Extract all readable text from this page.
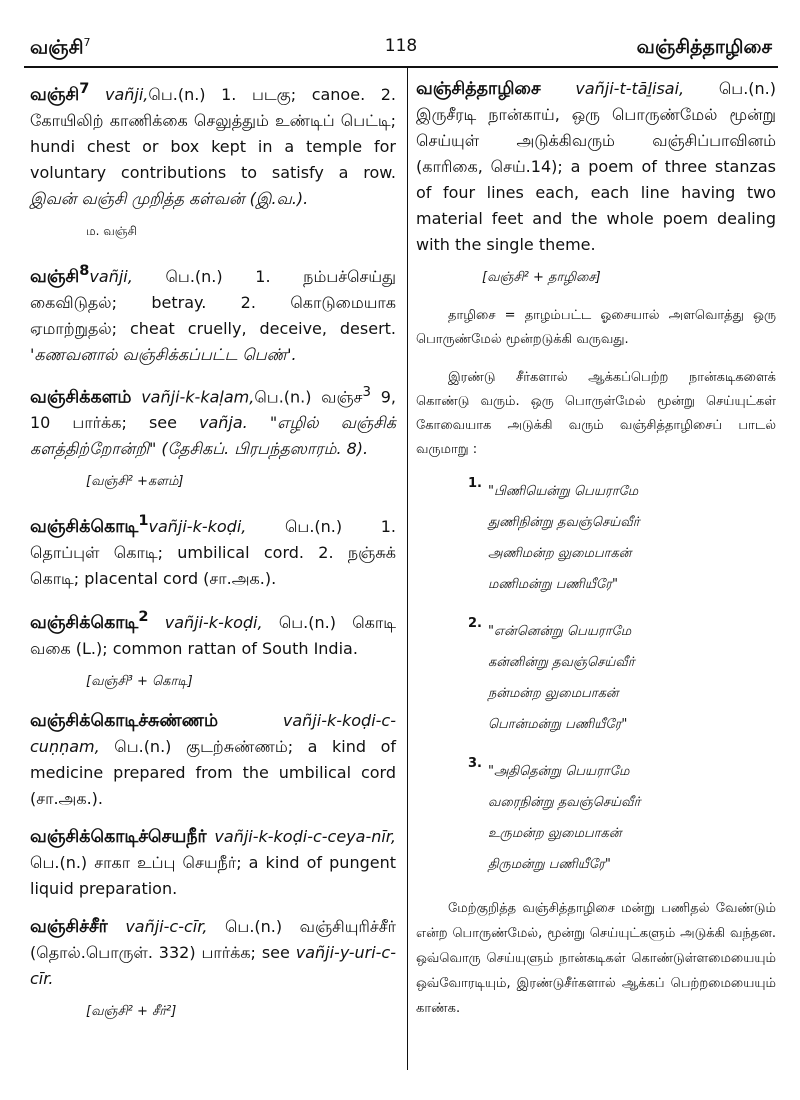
வஞ்சி$^7$	118	வஞ்சித்தாழிசை
வஞ்சி$^7$ vañji,பெ.(n.) 1. படகு; canoe. 2. கோயிலிற் காணிக்கை செலுத்தும் உண்டிப் பெட்டி; hundi chest or box kept in a temple for voluntary contributions to satisfy a row. இவன் வஞ்சி முறித்த கள்வன் (இ.வ.).
ம. வஞ்சி
வஞ்சி$^8$vañji, பெ.(n.) 1. நம்பச்செய்து கைவிடுதல்; betray. 2. கொடுமையாக ஏமாற்றுதல்; cheat cruelly, deceive, desert. 'கணவனால் வஞ்சிக்கப்பட்ட பெண்'.
வஞ்சிக்களம் vañji-k-kaḷam,பெ.(n.) வஞ்ச$^3$ 9, 10 பார்க்க; see vañja. "எழில் வஞ்சிக் களத்திற்றோன்றி" (தேசிகப். பிரபந்தஸாரம். 8).
[வஞ்சி² +களம்]
வஞ்சிக்கொடி$^1$vañji-k-koḍi, பெ.(n.) 1. தொப்புள் கொடி; umbilical cord. 2. நஞ்சுக் கொடி; placental cord (சா.அக.).
வஞ்சிக்கொடி$^2$ vañji-k-koḍi, பெ.(n.) கொடி வகை (L.); common rattan of South India.
[வஞ்சி³ + கொடி]
வஞ்சிக்கொடிச்சுண்ணம் vañji-k-koḍi-c-cuṇṇam, பெ.(n.) குடற்சுண்ணம்; a kind of medicine prepared from the umbilical cord (சா.அக.).
வஞ்சிக்கொடிச்செயநீர் vañji-k-koḍi-c-ceya-nīr, பெ.(n.) சாகா உப்பு செயநீர்; a kind of pungent liquid preparation.
வஞ்சிச்சீர் vañji-c-cīr, பெ.(n.) வஞ்சியுரிச்சீர் (தொல்.பொருள். 332) பார்க்க; see vañji-y-uri-c-cīr.
[வஞ்சி² + சீர்²]
வஞ்சித்தாழிசை vañji-t-tāḻisai, பெ.(n.) இருசீரடி நான்காய், ஒரு பொருண்மேல் மூன்று செய்யுள் அடுக்கிவரும் வஞ்சிப்பாவினம் (காரிகை, செய்.14); a poem of three stanzas of four lines each, each line having two material feet and the whole poem dealing with the single theme.
[வஞ்சி² + தாழிசை]
தாழிசை = தாழம்பட்ட ஓசையால் அளவொத்து ஒரு பொருண்மேல் மூன்றடுக்கி வருவது.
இரண்டு சீர்களால் ஆக்கப்பெற்ற நான்கடிகளைக் கொண்டு வரும். ஒரு பொருள்மேல் மூன்று செய்யுட்கள் கோவையாக அடுக்கி வரும் வஞ்சித்தாழிசைப் பாடல் வருமாறு :
1.
"பிணியென்று பெயராமே
துணிநின்று தவஞ்செய்வீர்
அணிமன்ற லுமைபாகன்
மணிமன்று பணியீரே"
2.
"என்னென்று பெயராமே
கன்னின்று தவஞ்செய்வீர்
நன்மன்ற லுமைபாகன்
பொன்மன்று பணியீரே"
3.
"அதிதென்று பெயராமே
வரைநின்று தவஞ்செய்வீர்
உருமன்ற லுமைபாகன்
திருமன்று பணியீரே"
மேற்குறித்த வஞ்சித்தாழிசை மன்று பணிதல் வேண்டும் என்ற பொருண்மேல், மூன்று செய்யுட்களும் அடுக்கி வந்தன. ஒவ்வொரு செய்யுளும் நான்கடிகள் கொண்டுள்ளமையையும் ஒவ்வோரடியும், இரண்டுசீர்களால் ஆக்கப் பெற்றமையையும் காண்க.
